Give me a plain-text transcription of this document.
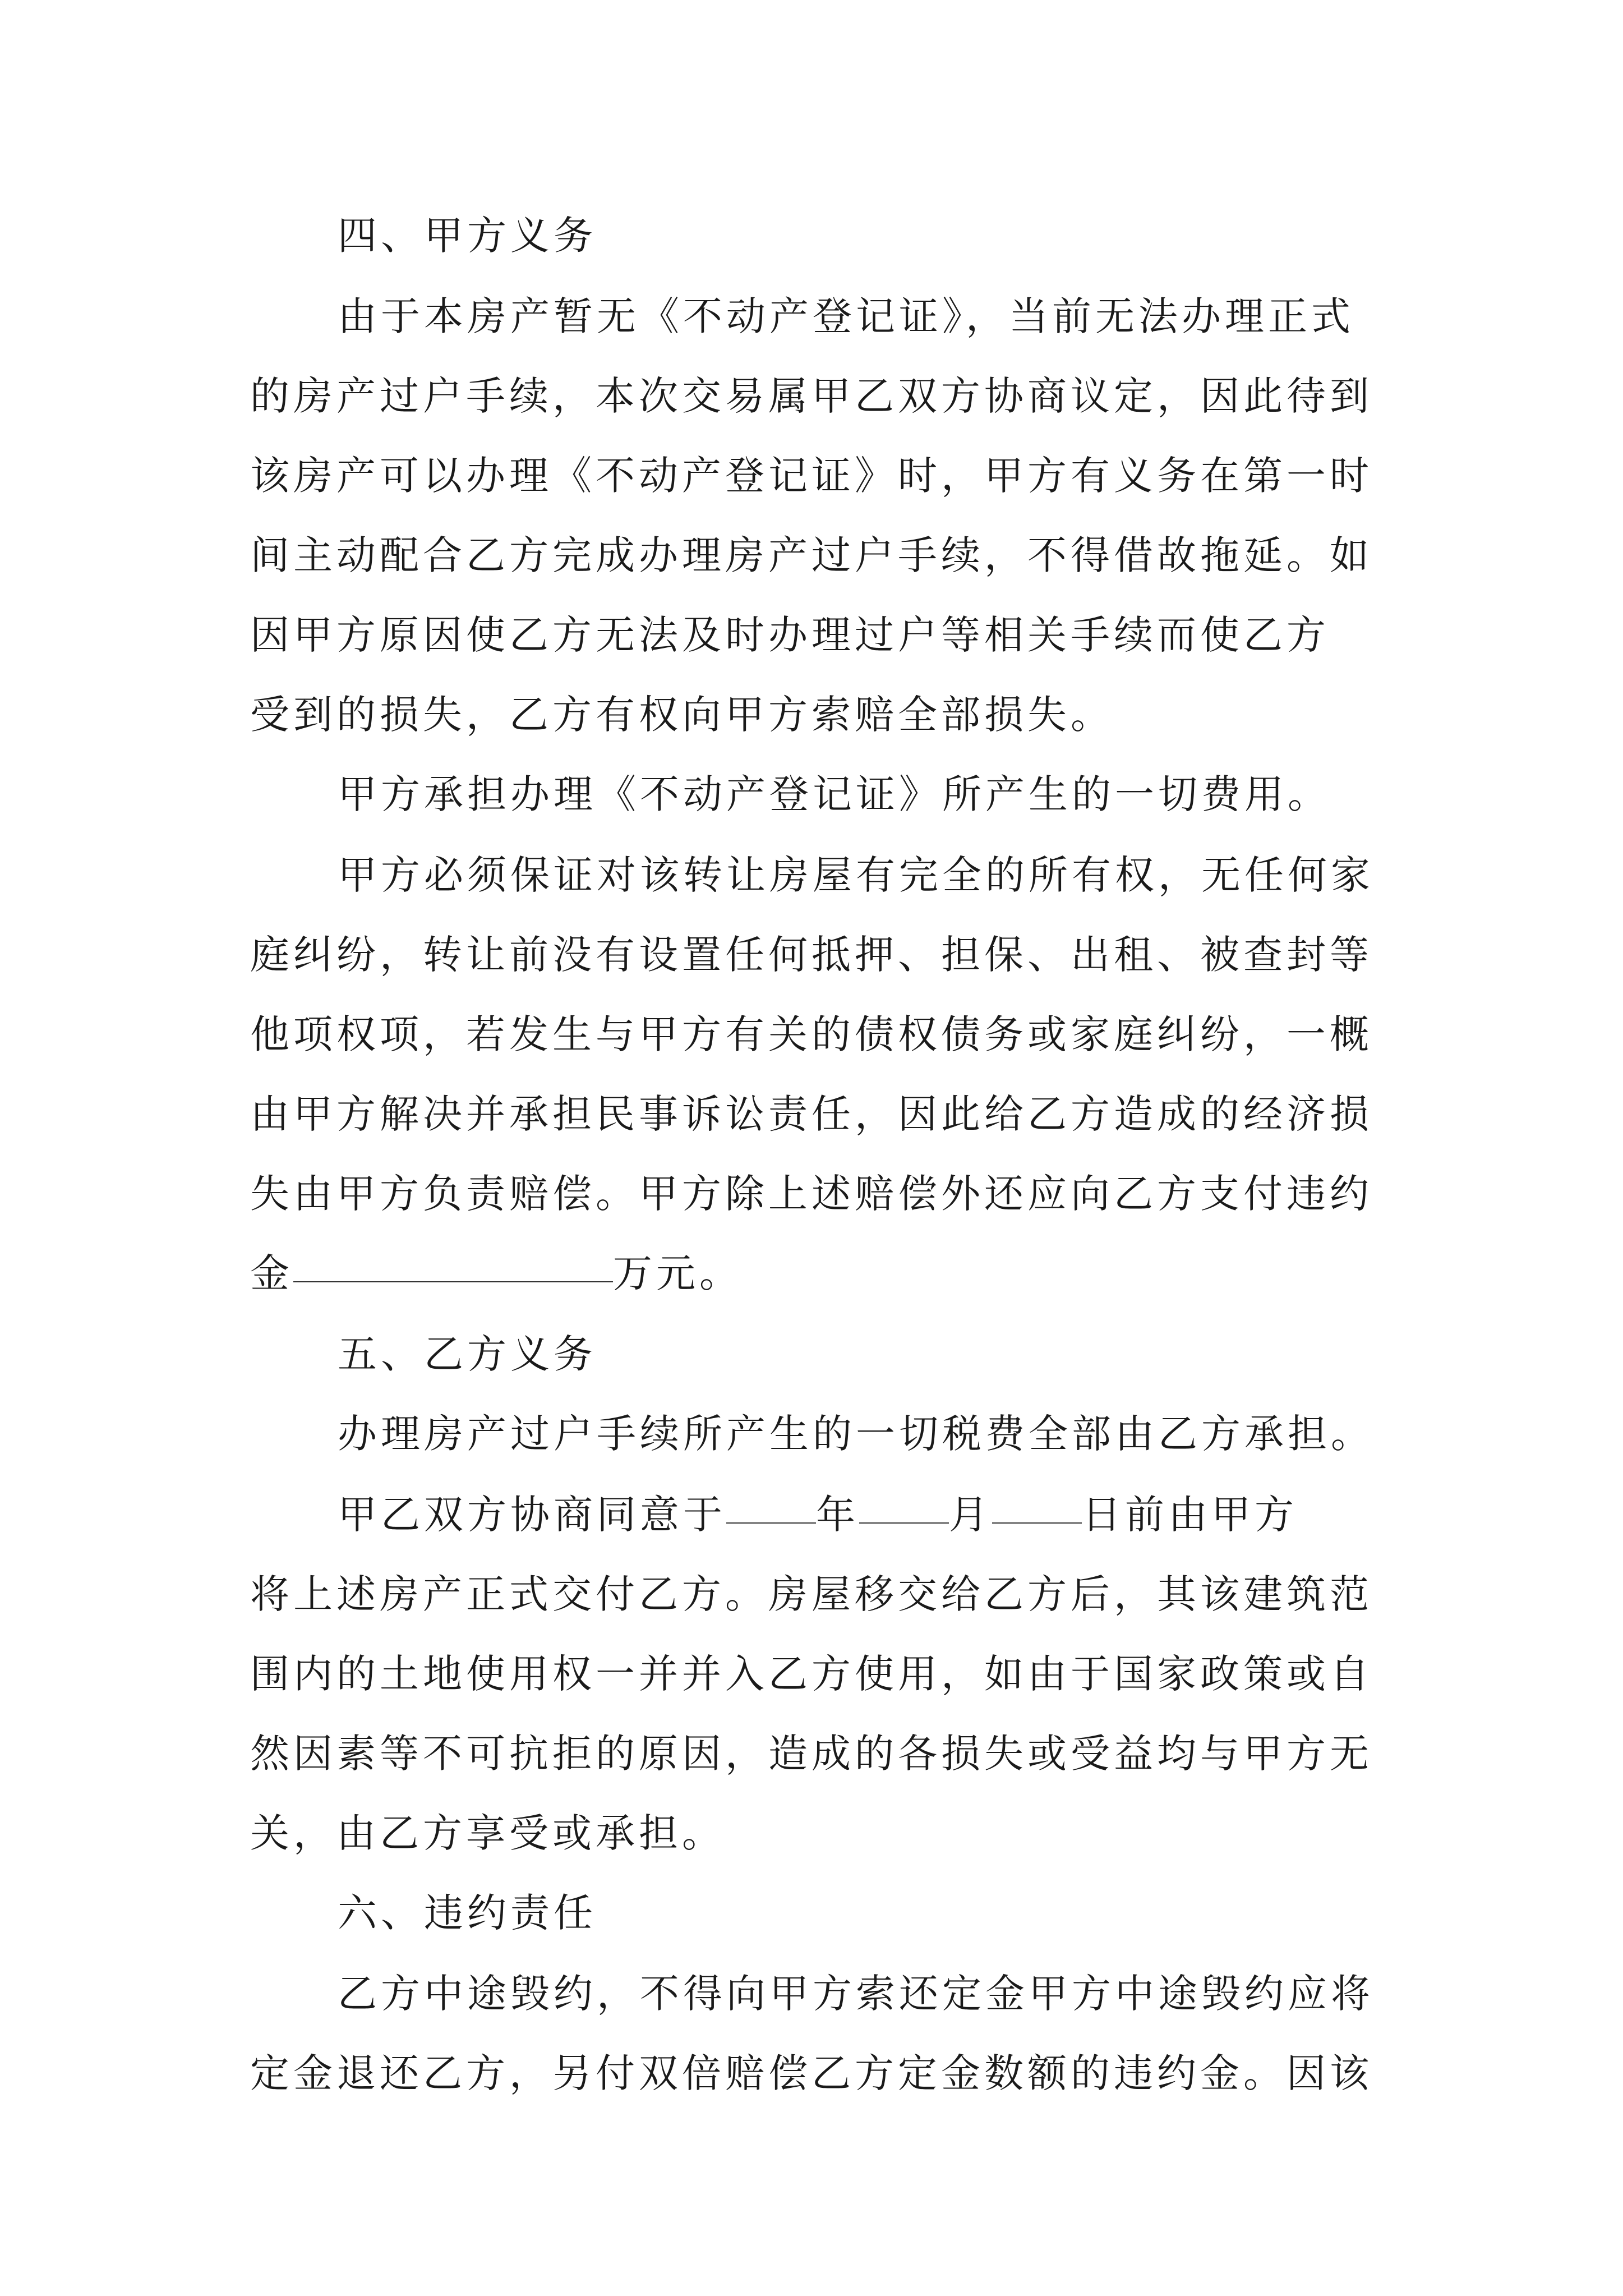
四、甲方义务
由于本房产暂无《不动产登记证》，当前无法办理正式
的房产过户手续，本次交易属甲乙双方协商议定，因此待到
该房产可以办理《不动产登记证》时，甲方有义务在第一时
间主动配合乙方完成办理房产过户手续，不得借故拖延。如
因甲方原因使乙方无法及时办理过户等相关手续而使乙方
受到的损失，乙方有权向甲方索赔全部损失。
甲方承担办理《不动产登记证》所产生的一切费用。
甲方必须保证对该转让房屋有完全的所有权，无任何家
庭纠纷，转让前没有设置任何抵押、担保、出租、被查封等
他项权项，若发生与甲方有关的债权债务或家庭纠纷，一概
由甲方解决并承担民事诉讼责任，因此给乙方造成的经济损
失由甲方负责赔偿。甲方除上述赔偿外还应向乙方支付违约
金	万元。
五、乙方义务
办理房产过户手续所产生的一切税费全部由乙方承担。
甲乙双方协商同意于 年 月 日前由甲方
将上述房产正式交付乙方。房屋移交给乙方后，其该建筑范
围内的土地使用权一并并入乙方使用，如由于国家政策或自
然因素等不可抗拒的原因，造成的各损失或受益均与甲方无
关，由乙方享受或承担。
六、违约责任
乙方中途毁约，不得向甲方索还定金甲方中途毁约应将
定金退还乙方，另付双倍赔偿乙方定金数额的违约金。因该
